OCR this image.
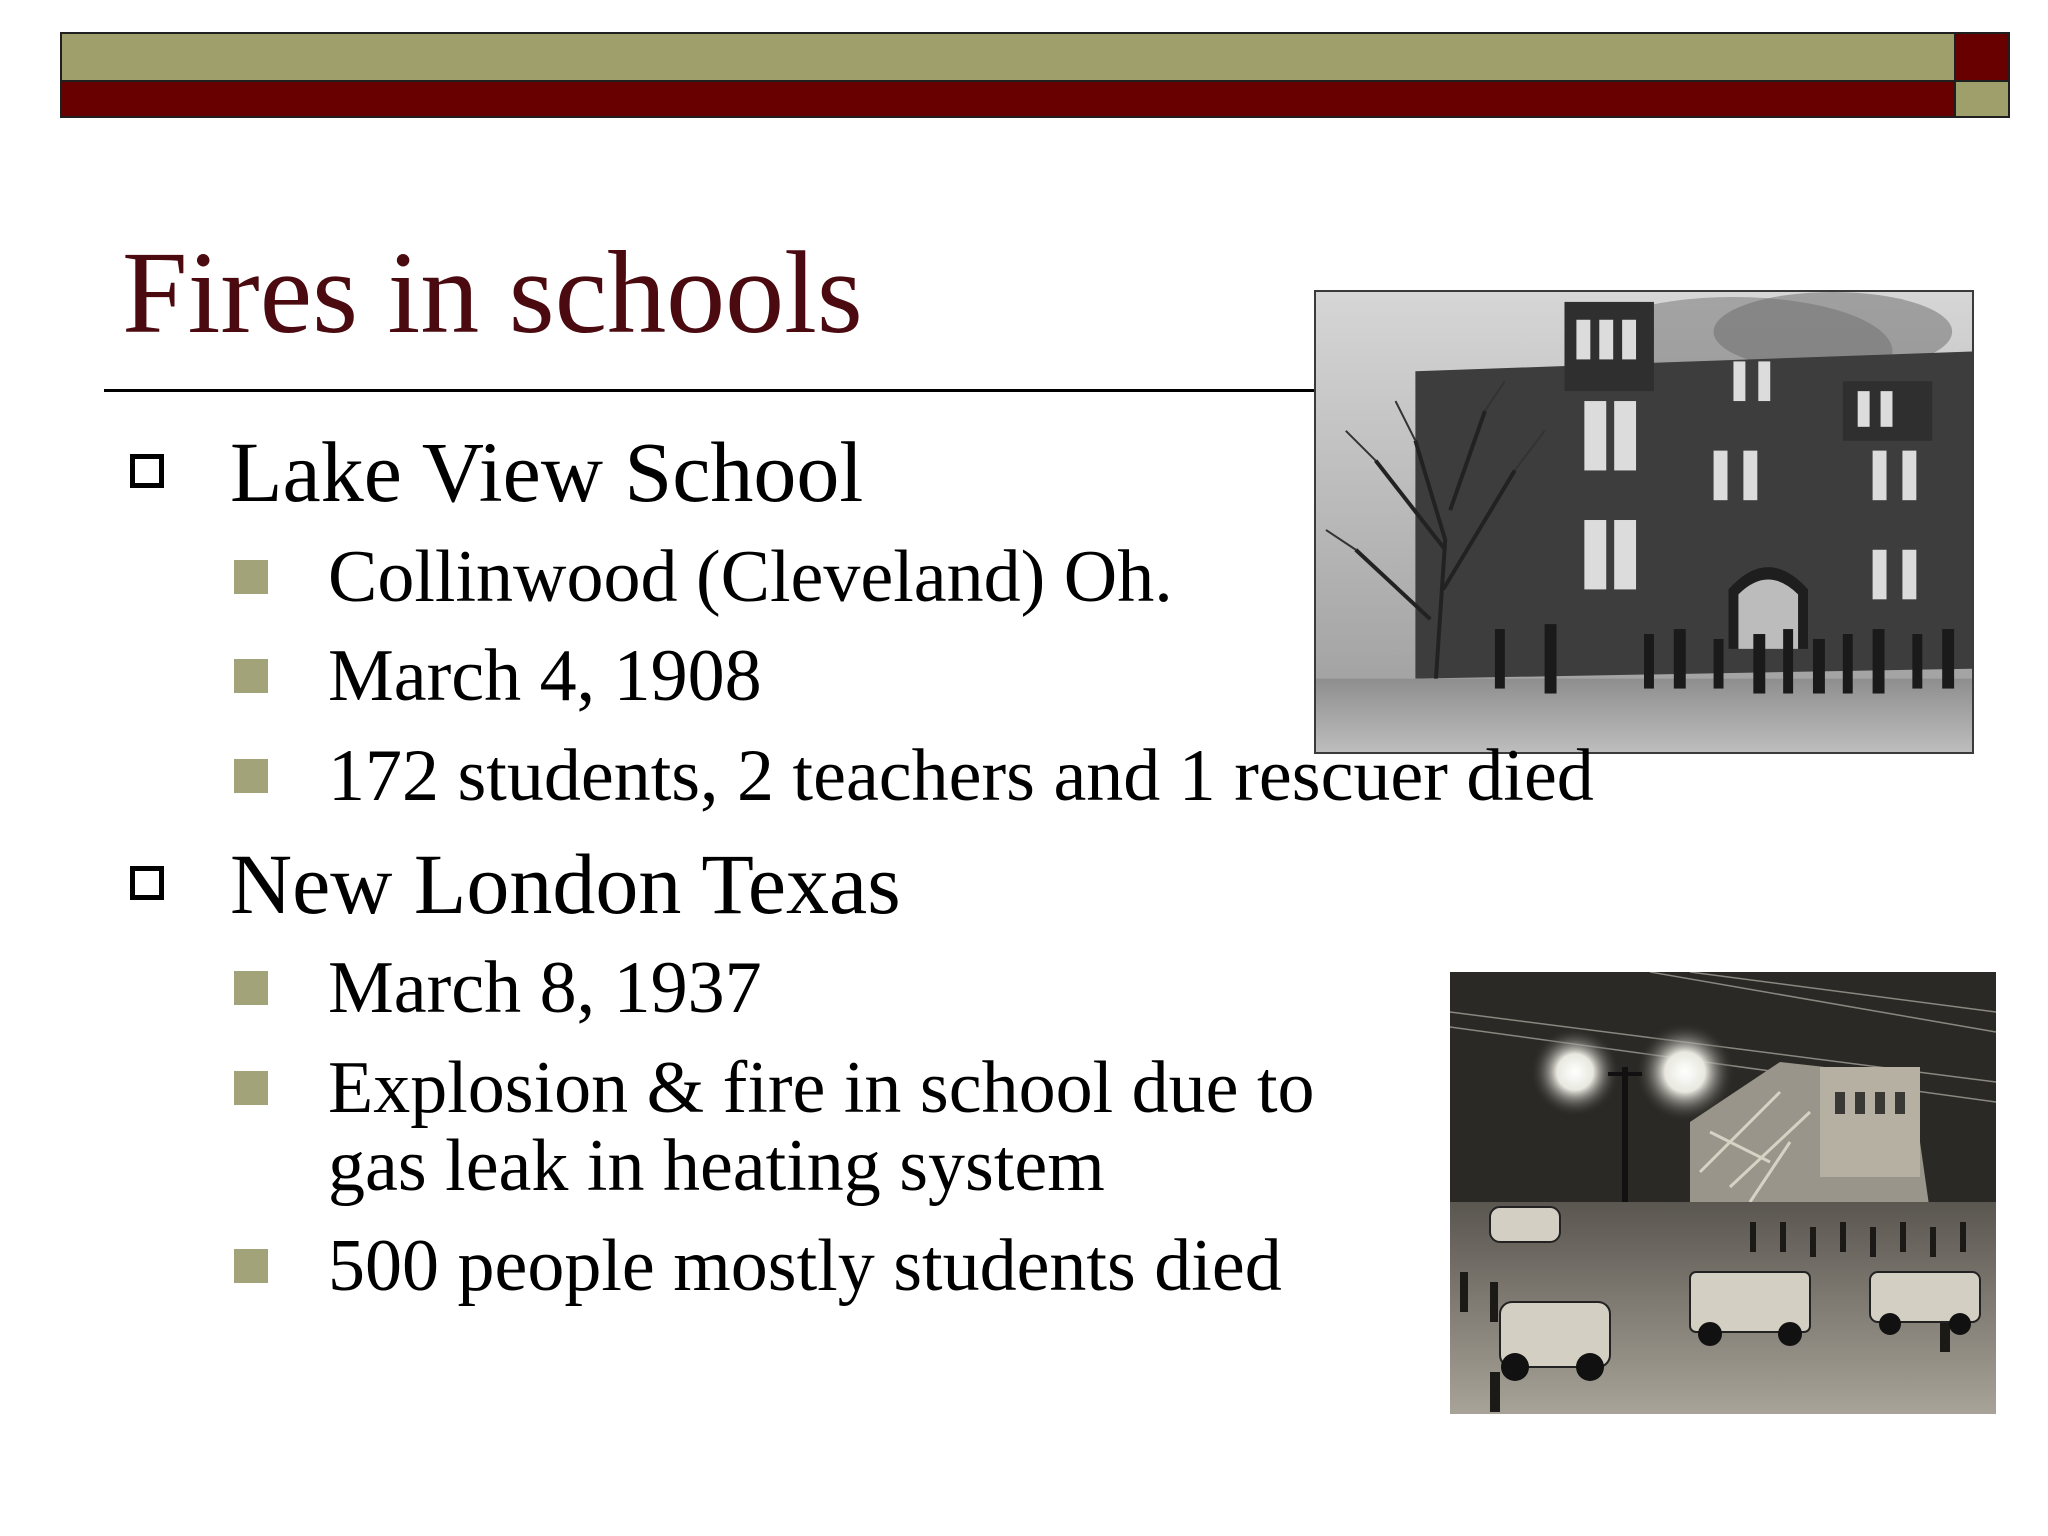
Fires in schools
Lake View School
Collinwood (Cleveland) Oh.
March 4, 1908
172 students, 2 teachers and 1 rescuer died
New London Texas
March 8, 1937
Explosion & fire in school due to
gas leak in heating system
500 people mostly students died
